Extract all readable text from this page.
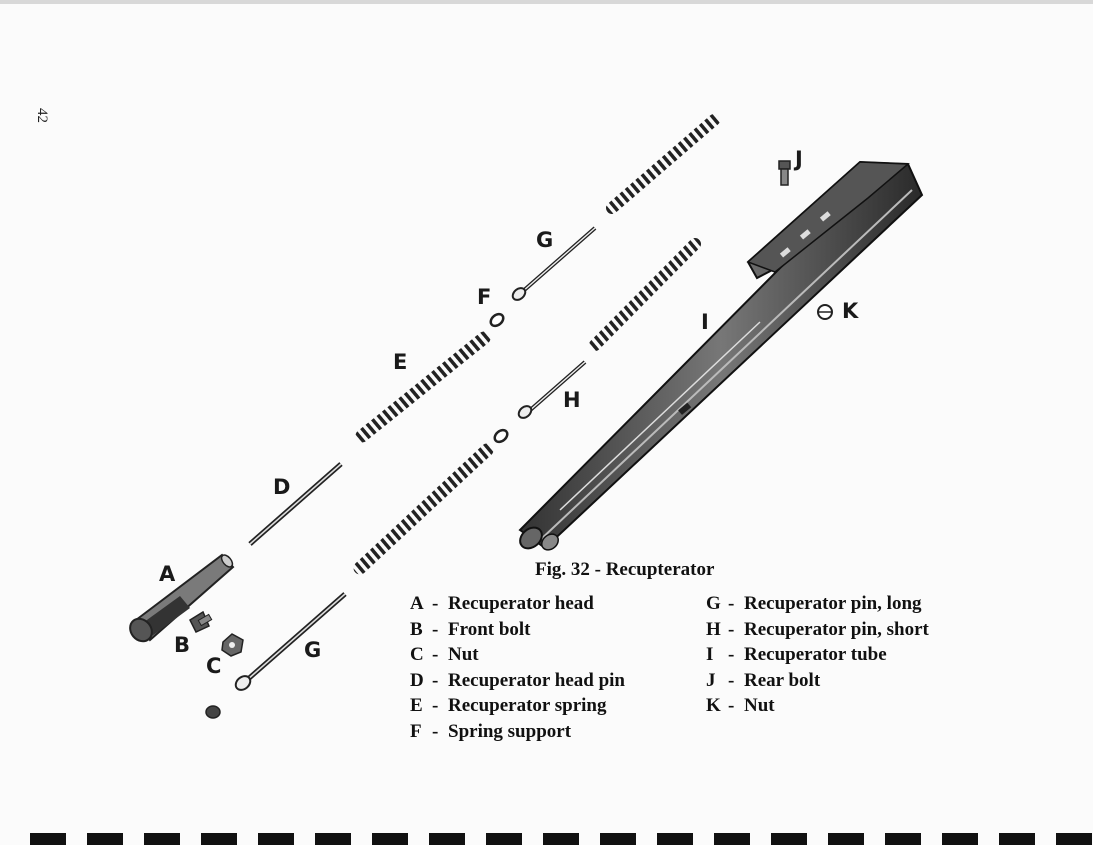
42
J
G
F
E
I	K
H
D
A
B
C
G
Fig. 32 - Recupterator
A - Recuperator head
B - Front bolt
C - Nut
D - Recuperator head pin
E - Recuperator spring
F - Spring support
G - Recuperator pin, long
H - Recuperator pin, short
I - Recuperator tube
J - Rear bolt
K - Nut
